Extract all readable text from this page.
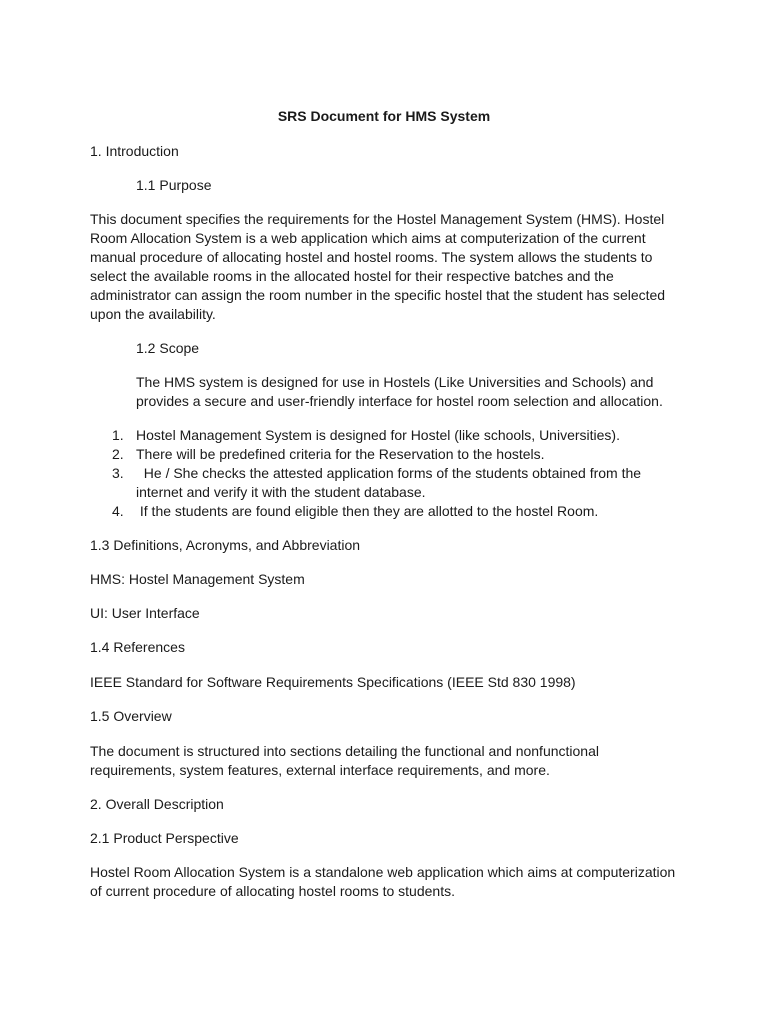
SRS Document for HMS System
1. Introduction
1.1 Purpose
This document specifies the requirements for the Hostel Management System (HMS). Hostel
Room Allocation System is a web application which aims at computerization of the current
manual procedure of allocating hostel and hostel rooms. The system allows the students to
select the available rooms in the allocated hostel for their respective batches and the
administrator can assign the room number in the specific hostel that the student has selected
upon the availability.
1.2 Scope
The HMS system is designed for use in Hostels (Like Universities and Schools) and
provides a secure and user-friendly interface for hostel room selection and allocation.
1. Hostel Management System is designed for Hostel (like schools, Universities).
2. There will be predefined criteria for the Reservation to the hostels.
3. He / She checks the attested application forms of the students obtained from the
internet and verify it with the student database.
4. If the students are found eligible then they are allotted to the hostel Room.
1.3 Definitions, Acronyms, and Abbreviation
HMS: Hostel Management System
UI: User Interface
1.4 References
IEEE Standard for Software Requirements Specifications (IEEE Std 830 1998)
1.5 Overview
The document is structured into sections detailing the functional and nonfunctional
requirements, system features, external interface requirements, and more.
2. Overall Description
2.1 Product Perspective
Hostel Room Allocation System is a standalone web application which aims at computerization
of current procedure of allocating hostel rooms to students.
